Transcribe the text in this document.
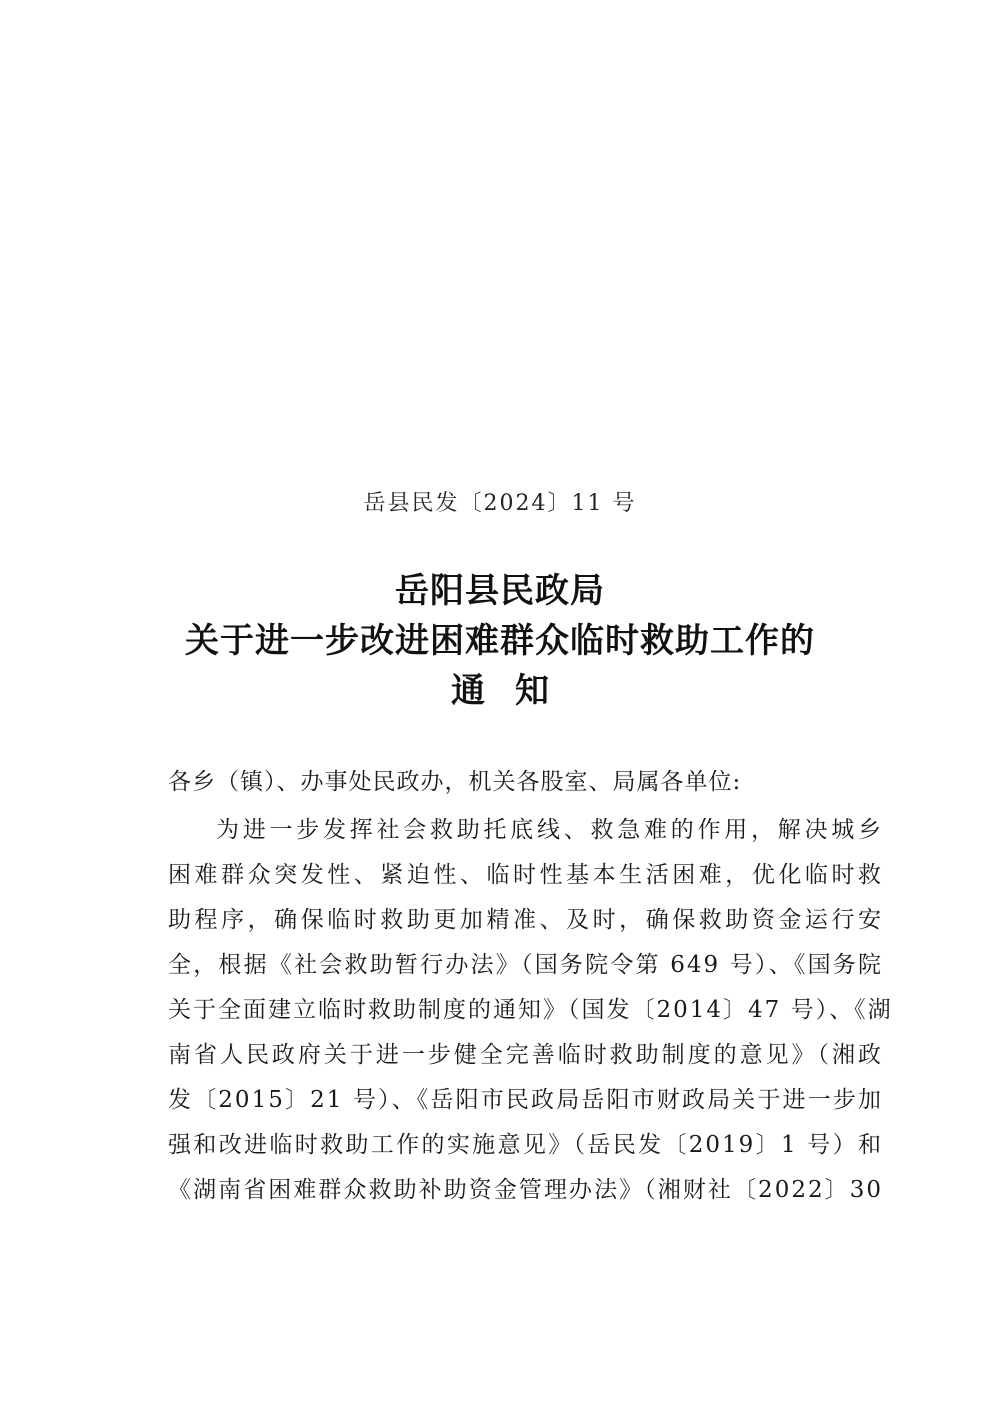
岳县民发〔2024〕11 号
岳阳县民政局
关于进一步改进困难群众临时救助工作的
通知
各乡（镇）、办事处民政办，机关各股室、局属各单位:
为进一步发挥社会救助托底线、救急难的作用，解决城乡
困难群众突发性、紧迫性、临时性基本生活困难，优化临时救
助程序，确保临时救助更加精准、及时，确保救助资金运行安
全，根据《社会救助暂行办法》（国务院令第 649 号）、《国务院
关于全面建立临时救助制度的通知》（国发〔2014〕47 号）、《湖
南省人民政府关于进一步健全完善临时救助制度的意见》（湘政
发〔2015〕21 号）、《岳阳市民政局岳阳市财政局关于进一步加
强和改进临时救助工作的实施意见》（岳民发〔2019〕1 号）和
《湖南省困难群众救助补助资金管理办法》（湘财社〔2022〕30
